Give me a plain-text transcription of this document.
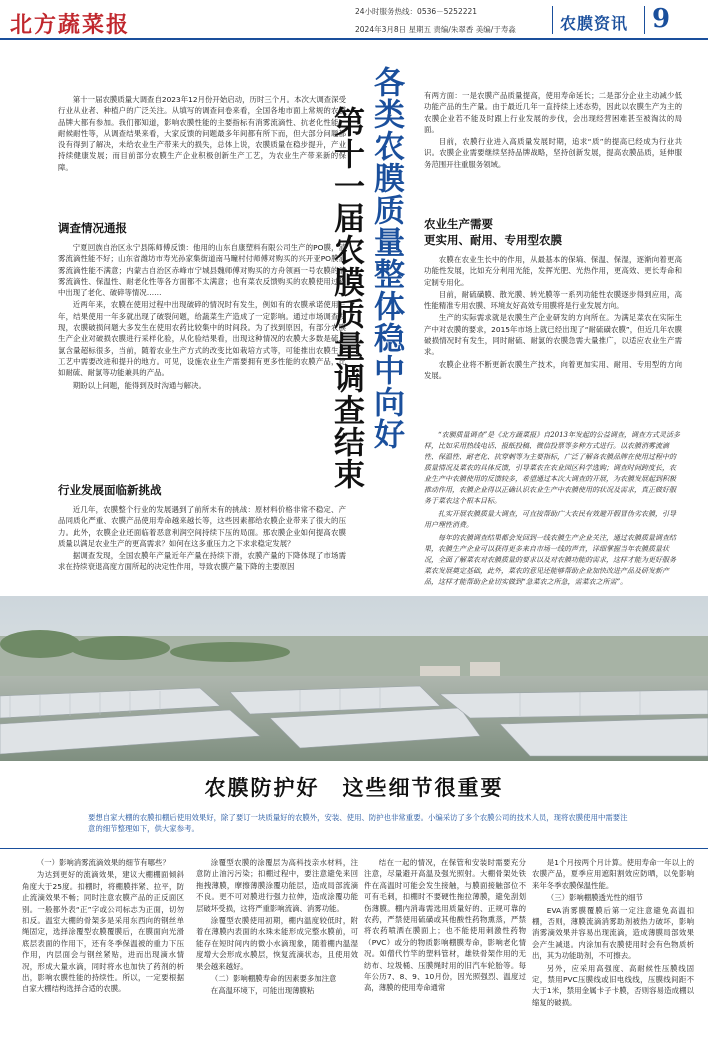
北方蔬菜报
24小时服务热线：0536－5252221
2024年3月8日 星期五 责编/朱翠香 美编/于寿淼	农膜资讯 9

第十一届农膜质量大调查自2023年12月份开始启动，历时三个月。本次大调查深受行业从业者、种植户的广泛关注。从填写的调查问卷来看，全国各地市面上常规的农膜品牌大都有参加。我们都知道，影响农膜性能的主要指标有消雾流滴性、抗老化性能、耐候耐性等，从调查结果来看，大家反馈的问题最多年间都有所下而，但大部分问题都没有得到了解决，未给农业生产带来大的损失，总体上说，农膜质量在稳步提升，产业持续健康发展；而目前部分农膜生产企业积极创新生产工艺，为农业生产带来新的保障。

调查情况通报

宁夏回族自治区永宁县陈师傅反馈：他用的山东自康塑料有限公司生产的PO膜，消雾流滴性能不好；山东省潍坊市寿光孙家集街道南马疃村付师傅对购买的兴开亚PO膜消雾流滴性能不满意；内蒙古自治区赤峰市宁城县魏师傅对购买的方舟领画一号农膜的消雾流滴性、保温性、耐老化性等各方面都不太满意；也有菜农反馈购买的农膜使用过程中出现了老化、破碎等情况……

近两年来，农膜在使用过程中出现破碎的情况时有发生，例如有的农膜承诺使用三年，结果使用一年多就出现了破裂问题，给蔬菜生产造成了一定影响。通过市场调查发现，农膜破损问题大多发生在使用农药比较集中的时间段。为了找到原因，有部分农膜生产企业对破损农膜进行采样化验，从化验结果看，出现这种情况的农膜大多数是硫、氯含量超标很多，当前，随着农业生产方式的改变比如栽培方式等，可能推出农膜生产工艺中需要改进和提升的地方。可见，设施农业生产需要拥有更多性能的农膜产品，比如耐硫、耐氯等功能兼具的产品。

期盼以上问题，能得到及时沟通与解决。

行业发展面临新挑战

近几年，农膜整个行业的发展遇到了前所未有的挑战：原材料价格非常不稳定、产品同质化严重、农膜产品使用寿命越来越长等，这些因素都给农膜企业带来了很大的压力。此外，农膜企业还面临着恶意利润空间持续下压的局面。那农膜企业如何提高农膜质量以满足农业生产的更高需求？如何在这多重压力之下求求稳定发展？

据调查发现，全国农膜年产量近年产量在持续下滑，农膜产量的下降体现了市场需求在持续衰退高度方面所起的决定性作用，导致农膜产量下降的主要原因

各类农膜质量整体稳中向好
第十一届农膜质量调查结束

有两方面：一是农膜产品质量提高，使用寿命延长；二是部分企业主动减少低功能产品的生产量。由于最近几年一直持续上述态势，因此以农膜生产为主的农膜企业若不能及时跟上行业发展的步伐，会出现经营困难甚至被淘汰的局面。

目前，农膜行业进入高质量发展时期，追求“质”的提高已经成为行业共识。农膜企业需要继续坚持品牌战略，坚持创新发展，提高农膜品质，延伸服务范围开往重服务领域。

农业生产需要
更实用、耐用、专用型农膜

农膜在农业生长中的作用，从最基本的保墒、保温、保湿，逐渐向着更高功能性发展，比如充分利用光能，发挥光肥、光热作用，更高效、更长寿命和定制专用化。

目前，耐硫磺膜、散光膜、转光膜等一系列功能性农膜逐步得到应用，高性能精准专用农膜、环境友好高效专用膜将是行业发展方向。

生产的实际需求就是农膜生产企业研发的方向所在。为满足菜农在实际生产中对农膜的要求，2015年市场上就已经出现了“耐硫磺农膜”，但近几年农膜破损情况时有发生，同时耐硫、耐氯的农膜急需大量推广，以适应农业生产需求。

农膜企业将不断更新农膜生产技术，向着更加实用、耐用、专用型的方向发展。

“农膜质量调查”是《北方蔬菜报》自2013年发起的公益调查，调查方式灵活多样，比如采用热线电话、报纸投稿、微信投票等多种方式进行。以农膜消雾流滴性、保温性、耐老化、抗穿刺等为主要指标，广泛了解各农膜品牌在使用过程中的质量情况及菜农的具体反馈，引导菜农在农业园区科学选购；调查时间跨度长，农业生产中农膜使用的反馈较多，希望通过本次大调查的开展，为农膜发展起到积极推动作用，农膜企业得以正确认识农业生产中农膜使用的状况及需求，真正做好服务于菜农这个根本目标。

扎实开展农膜质量大调查，可直接帮助广大农民有效避开假冒伪劣农膜，引导用户理性消费。

每年的农膜调查结果都会发回到一线农膜生产企业关注，通过农膜质量调查结果，农膜生产企业可以获得更多来自市场一线的声音，详细掌握当年农膜质量状况，全面了解菜农对农膜质量的要求以及对农膜功能的需求，这样才能为更好服务菜农发展奠定基础，此外，菜农的意见还能够帮助企业加快改进产品及研发新产品，这样才能帮助企业切实做到“急菜农之所急，需菜农之所需”。

农膜防护好　这些细节很重要
要想自家大棚的农膜扣棚后使用效果好，除了要订一块质量好的农膜外，安装、使用、防护也非常重要。小编采访了多个农膜公司的技术人员，现将农膜使用中需要注意的细节整理如下，供大家参考。

（一）影响消雾流滴效果的细节有哪些？

为达到更好的流滴效果，建议大棚棚面倾斜角度大于25度。扣棚时，将棚膜拌紧、拉平，防止流滴效果不畅；同时注意农膜产品的正反面区别。一般都外表“正”字或公司标志为正面，切勿扣反。温室大棚的骨架多是采用东西向的钢丝单绳固定，选择涂覆型农膜覆膜后，在膜面向光滑底层表面的作用下，还有冬季保温被的重力下压作用，内层面会与钢丝紧贴，进而出现滴水情况，形成大量水滴，同时将水也加快了药剂的析出，影响农膜性能的持续性。所以，一定要根据自家大棚结构选择合适的农膜。

涂覆型农膜的涂覆层为高科技亲水材料，注意防止油污污染；扣棚过程中，要注意避免来回拖拽薄膜，摩擦薄膜涂覆功能层，造成局部流滴不良。更不可对膜进行强力拉伸，造成涂覆功能层破坏受损，这将严重影响流滴、消雾功能。

涂覆型农膜使用初期，棚内温度较低时，附着在薄膜内表面的水珠未能形成完整水膜前，可能存在短时间内的微小水滴现象，随着棚内温湿度增大会形成水膜层，恢复流滴状态，且使用效果会越来越好。

（二）影响棚膜寿命的因素要多加注意

在高温环境下，可能出现薄膜粘

结在一起的情况，在保管和安装时需要充分注意，尽量避开高温及强光照射。大棚骨架处铁件在高温时可能会发生接触，与膜面接触部位不可有毛刺，扣棚时不要硬性拖拉薄膜，避免刮划伤薄膜。棚内消毒需选用质量好的、正规可靠的农药，严禁使用硫磺或其他酸性药物熏蒸，严禁将农药喷洒在膜面上；也不能使用刺激性药物（PVC）或分的物质影响棚膜寿命，影响老化情况。如僧代竹竿的塑料管材，雄铁骨架作用的无纺布、垃圾桶、压膜绳时用的旧汽车轮胎等。每年公历7、8、9、10月份，因光照强烈、温度过高，薄膜的使用寿命通常

是1个月按两个月计算。使用寿命一年以上的农膜产品，夏季应用遮阳割效应防晒，以免影响来年冬季农膜保温性能。

（三）影响棚膜透光性的细节

EVA消雾膜覆膜后第一定注意避免高温扣棚，否则，薄膜流滴消雾助剂被热力破坏，影响消雾滴效果并容易出现流滴，造成薄膜局部效果会产生减退。内涂加有农膜使用时会有色物质析出，其为功能助剂，不可擦去。

另外，应采用高强度、高耐候性压膜线固定，禁用PVC压膜线或旧电线线，压膜线间距不大于1米，禁用金属卡子卡膜，否则容易造成棚以缩复的破损。
